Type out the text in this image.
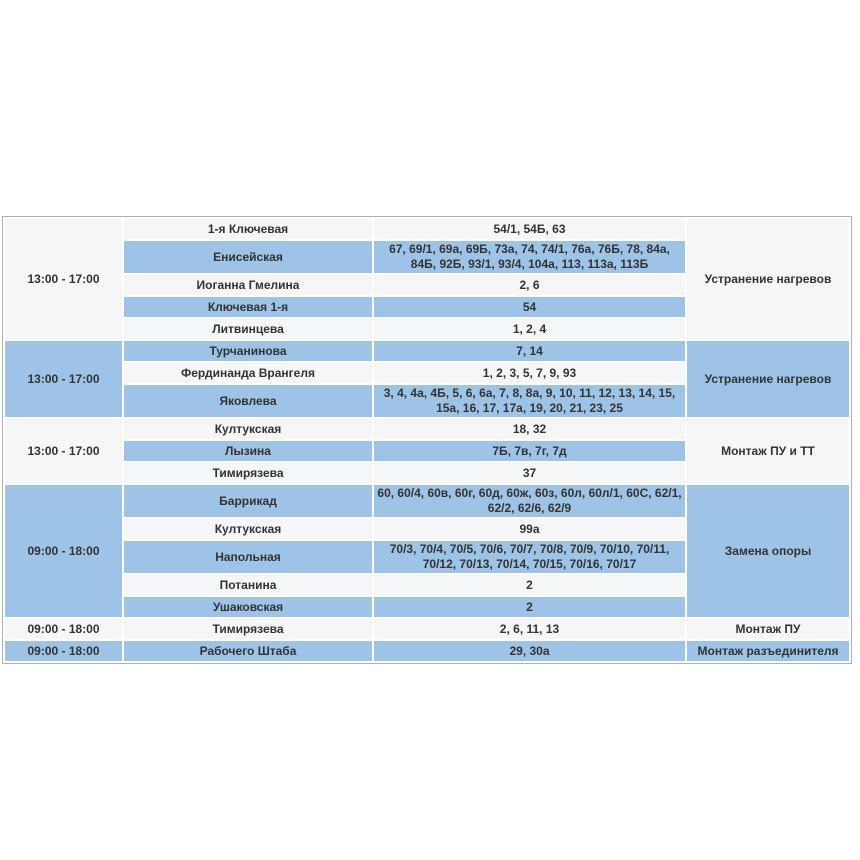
13:00 - 17:00	1-я Ключевая	54/1, 54Б, 63	Устранение нагревов
	Енисейская	67, 69/1, 69а, 69Б, 73а, 74, 74/1, 76а, 76Б, 78, 84а, 84Б, 92Б, 93/1, 93/4, 104а, 113, 113а, 113Б	
	Иоганна Гмелина	2, 6	
	Ключевая 1-я	54	
	Литвинцева	1, 2, 4	
13:00 - 17:00	Турчанинова	7, 14	Устранение нагревов
	Фердинанда Врангеля	1, 2, 3, 5, 7, 9, 93	
	Яковлева	3, 4, 4а, 4Б, 5, 6, 6а, 7, 8, 8а, 9, 10, 11, 12, 13, 14, 15, 15а, 16, 17, 17а, 19, 20, 21, 23, 25	
13:00 - 17:00	Култукская	18, 32	Монтаж ПУ и ТТ
	Лызина	7Б, 7в, 7г, 7д	
	Тимирязева	37	
09:00 - 18:00	Баррикад	60, 60/4, 60в, 60г, 60д, 60ж, 60з, 60л, 60л/1, 60С, 62/1, 62/2, 62/6, 62/9	Замена опоры
	Култукская	99а	
	Напольная	70/3, 70/4, 70/5, 70/6, 70/7, 70/8, 70/9, 70/10, 70/11, 70/12, 70/13, 70/14, 70/15, 70/16, 70/17	
	Потанина	2	
	Ушаковская	2	
09:00 - 18:00	Тимирязева	2, 6, 11, 13	Монтаж ПУ
09:00 - 18:00	Рабочего Штаба	29, 30а	Монтаж разъединителя
